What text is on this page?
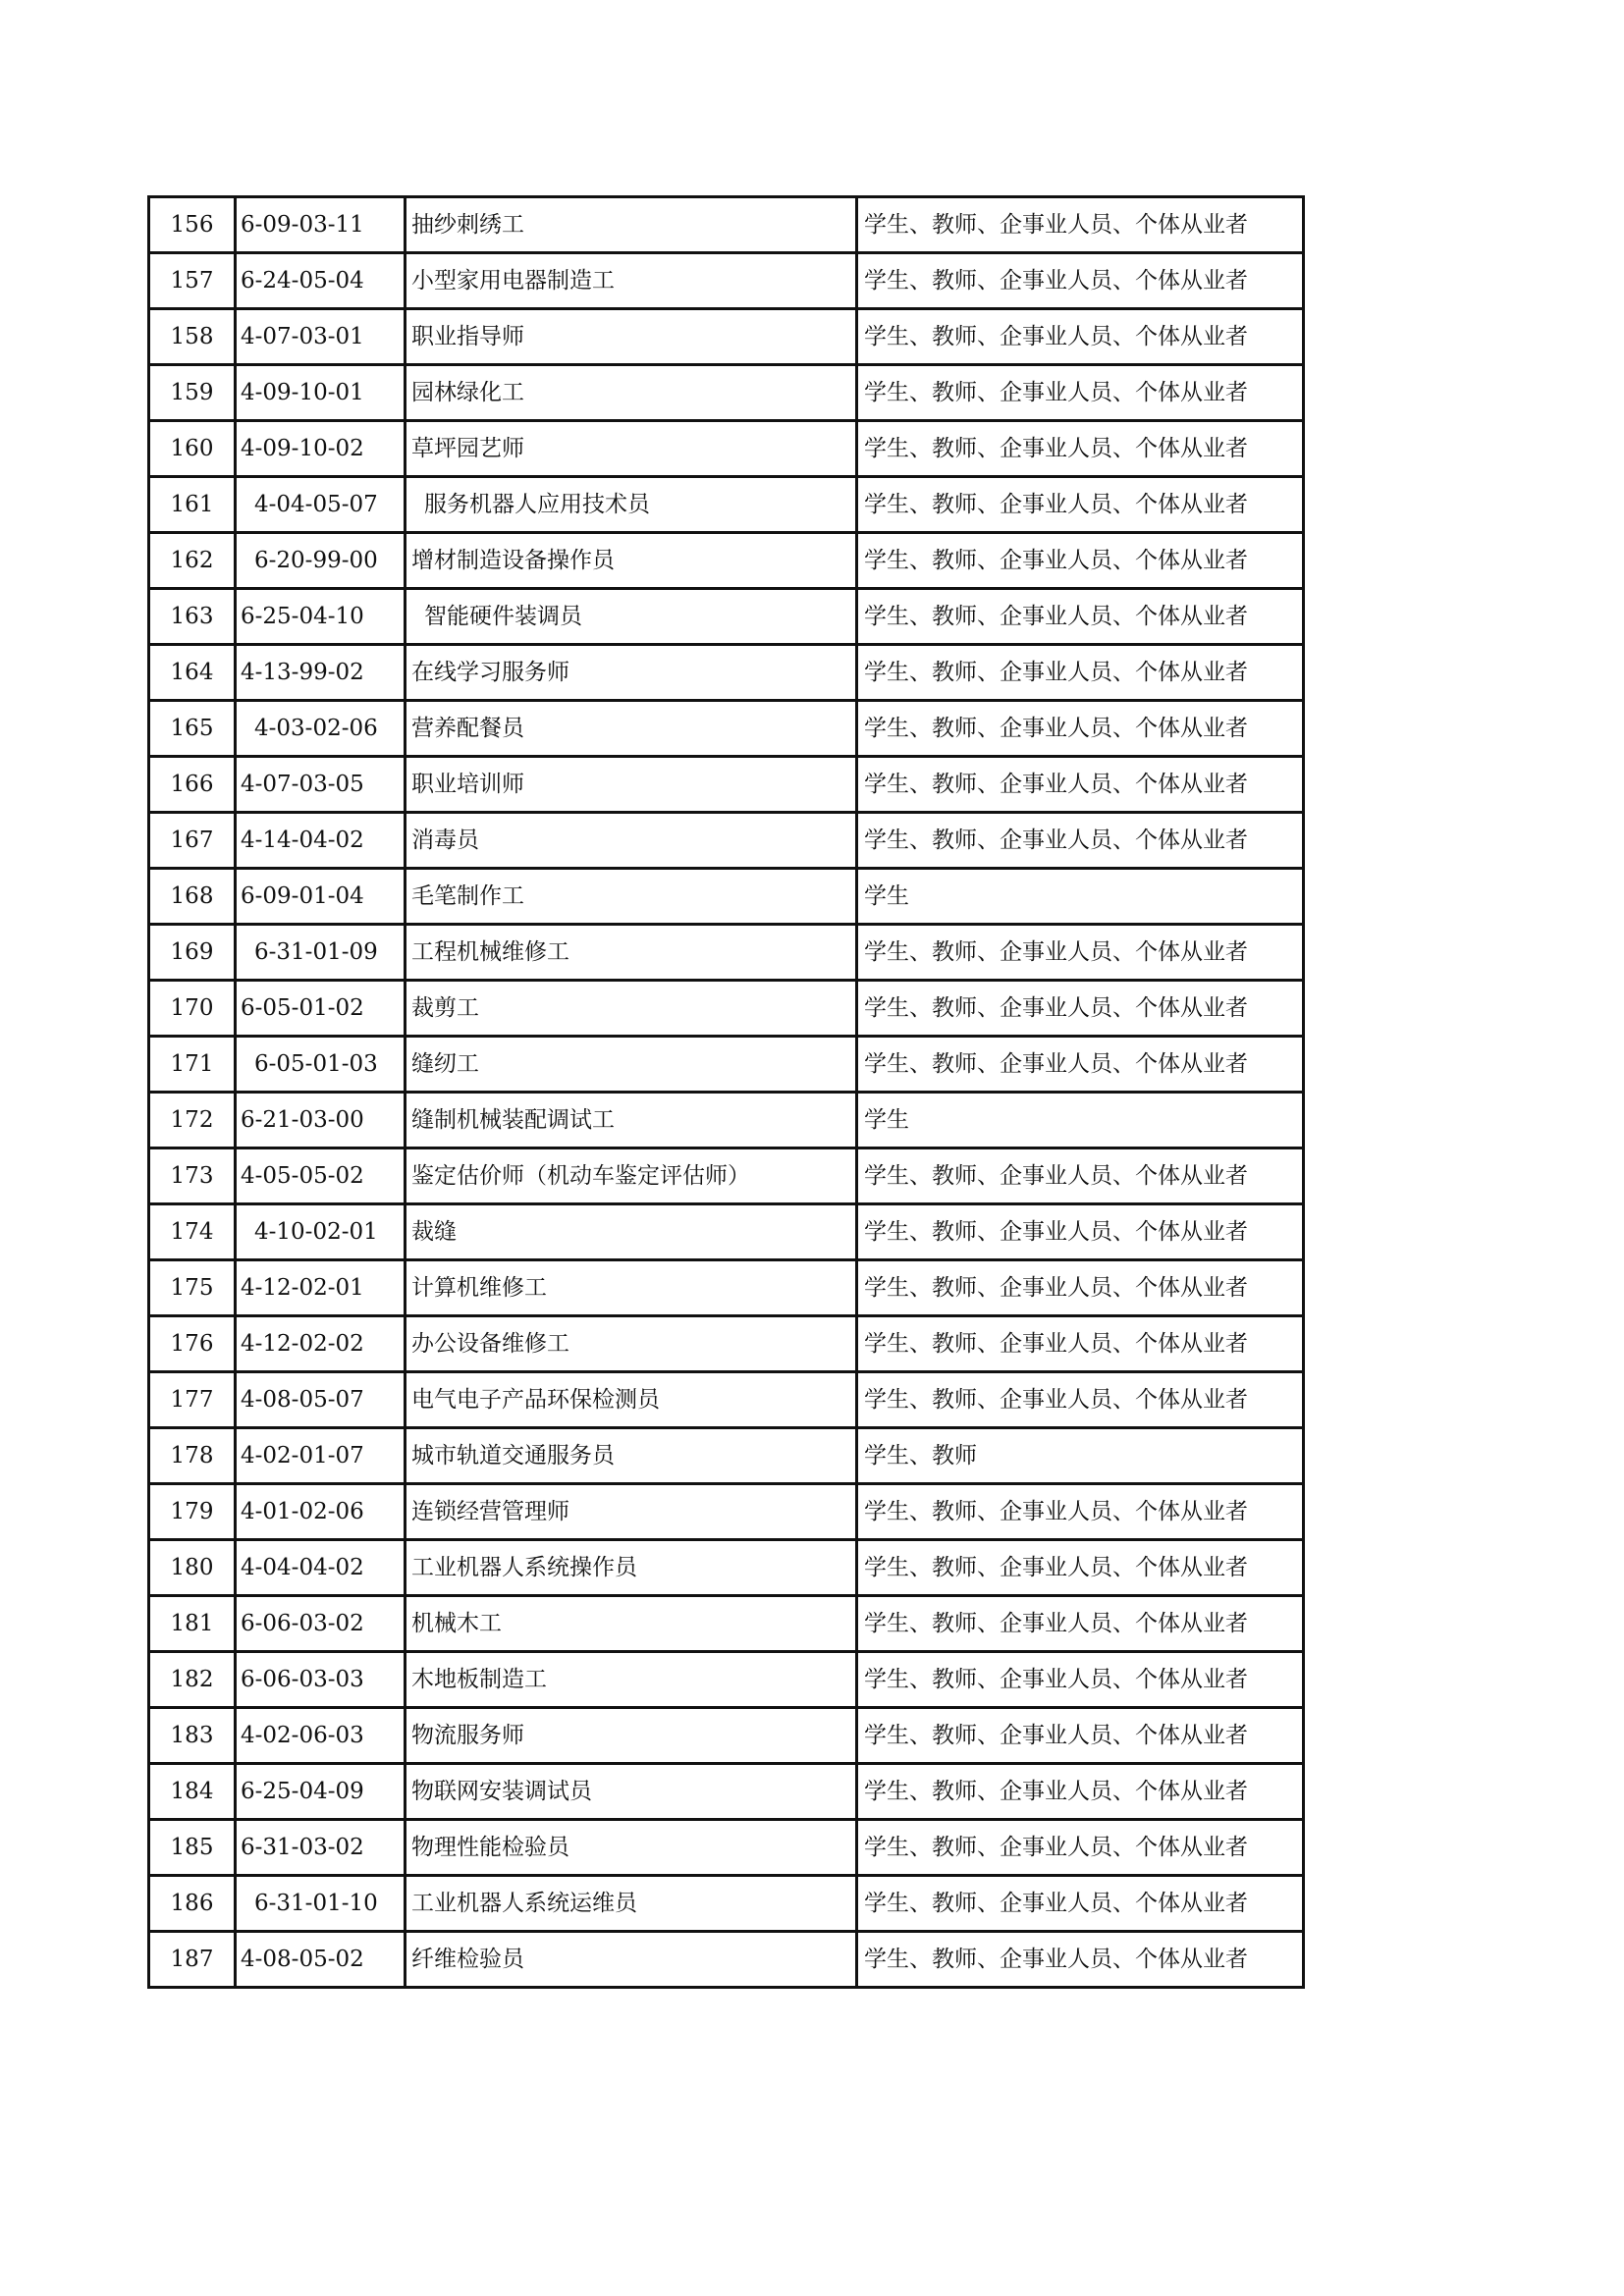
156	6-09-03-11	抽纱刺绣工	学生、教师、企事业人员、个体从业者
157	6-24-05-04	小型家用电器制造工	学生、教师、企事业人员、个体从业者
158	4-07-03-01	职业指导师	学生、教师、企事业人员、个体从业者
159	4-09-10-01	园林绿化工	学生、教师、企事业人员、个体从业者
160	4-09-10-02	草坪园艺师	学生、教师、企事业人员、个体从业者
161	4-04-05-07	服务机器人应用技术员	学生、教师、企事业人员、个体从业者
162	6-20-99-00	增材制造设备操作员	学生、教师、企事业人员、个体从业者
163	6-25-04-10	智能硬件装调员	学生、教师、企事业人员、个体从业者
164	4-13-99-02	在线学习服务师	学生、教师、企事业人员、个体从业者
165	4-03-02-06	营养配餐员	学生、教师、企事业人员、个体从业者
166	4-07-03-05	职业培训师	学生、教师、企事业人员、个体从业者
167	4-14-04-02	消毒员	学生、教师、企事业人员、个体从业者
168	6-09-01-04	毛笔制作工	学生
169	6-31-01-09	工程机械维修工	学生、教师、企事业人员、个体从业者
170	6-05-01-02	裁剪工	学生、教师、企事业人员、个体从业者
171	6-05-01-03	缝纫工	学生、教师、企事业人员、个体从业者
172	6-21-03-00	缝制机械装配调试工	学生
173	4-05-05-02	鉴定估价师（机动车鉴定评估师）	学生、教师、企事业人员、个体从业者
174	4-10-02-01	裁缝	学生、教师、企事业人员、个体从业者
175	4-12-02-01	计算机维修工	学生、教师、企事业人员、个体从业者
176	4-12-02-02	办公设备维修工	学生、教师、企事业人员、个体从业者
177	4-08-05-07	电气电子产品环保检测员	学生、教师、企事业人员、个体从业者
178	4-02-01-07	城市轨道交通服务员	学生、教师
179	4-01-02-06	连锁经营管理师	学生、教师、企事业人员、个体从业者
180	4-04-04-02	工业机器人系统操作员	学生、教师、企事业人员、个体从业者
181	6-06-03-02	机械木工	学生、教师、企事业人员、个体从业者
182	6-06-03-03	木地板制造工	学生、教师、企事业人员、个体从业者
183	4-02-06-03	物流服务师	学生、教师、企事业人员、个体从业者
184	6-25-04-09	物联网安装调试员	学生、教师、企事业人员、个体从业者
185	6-31-03-02	物理性能检验员	学生、教师、企事业人员、个体从业者
186	6-31-01-10	工业机器人系统运维员	学生、教师、企事业人员、个体从业者
187	4-08-05-02	纤维检验员	学生、教师、企事业人员、个体从业者
